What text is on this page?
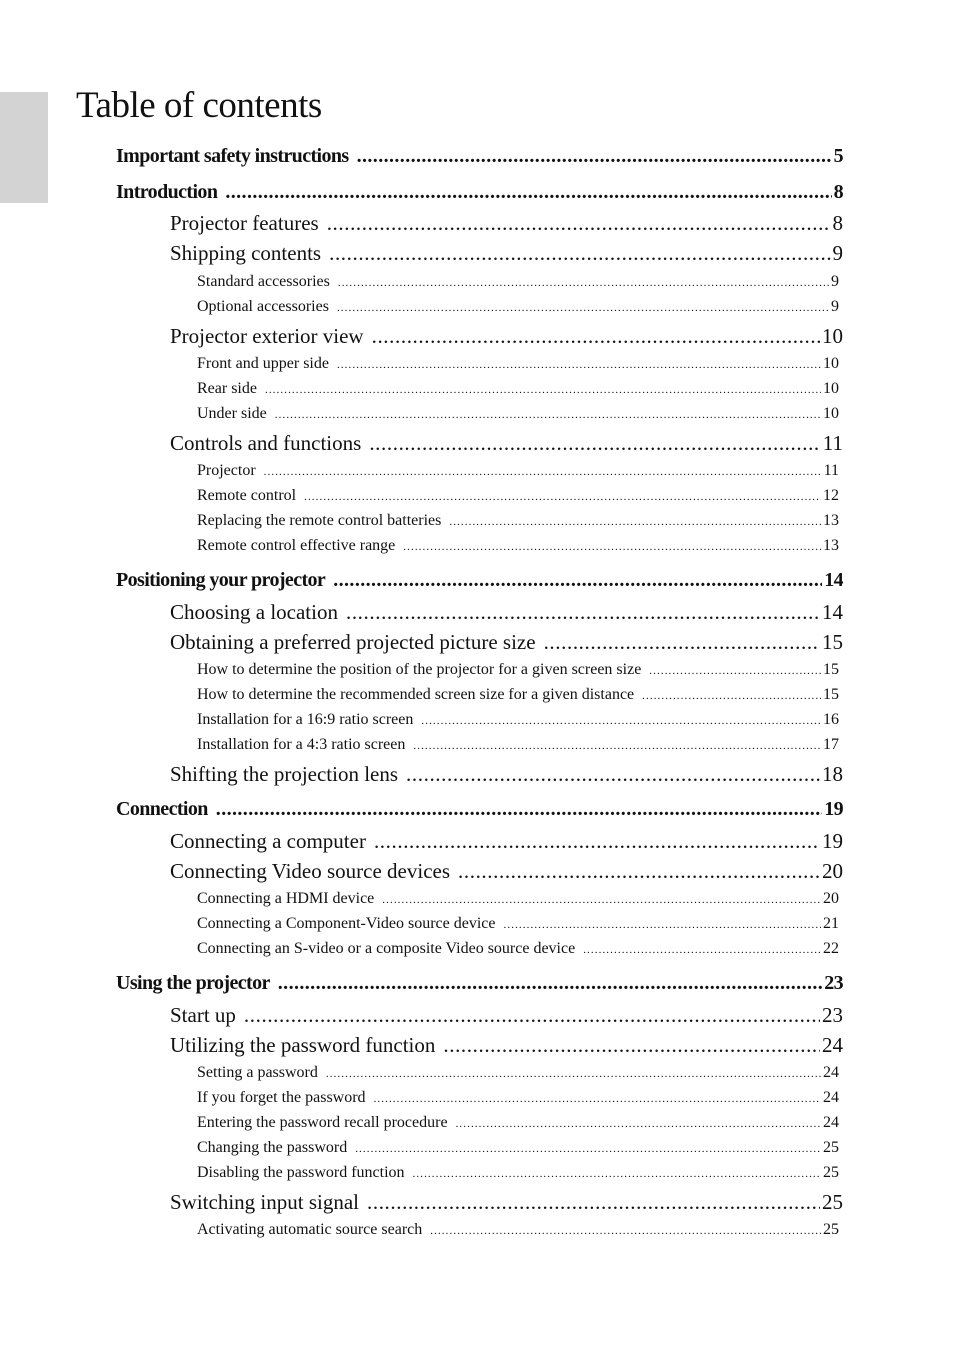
Table of contents
Important safety instructions .....	5
Introduction .....	8
Projector features .....	8
Shipping contents .....	9
Standard accessories .....	9
Optional accessories .....	9
Projector exterior view .....	10
Front and upper side .....	10
Rear side .....	10
Under side .....	10
Controls and functions .....	11
Projector .....	11
Remote control .....	12
Replacing the remote control batteries .....	13
Remote control effective range .....	13
Positioning your projector .....	14
Choosing a location .....	14
Obtaining a preferred projected picture size .....	15
How to determine the position of the projector for a given screen size .....	15
How to determine the recommended screen size for a given distance .....	15
Installation for a 16:9 ratio screen .....	16
Installation for a 4:3 ratio screen .....	17
Shifting the projection lens .....	18
Connection .....	19
Connecting a computer .....	19
Connecting Video source devices .....	20
Connecting a HDMI device .....	20
Connecting a Component-Video source device .....	21
Connecting an S-video or a composite Video source device .....	22
Using the projector .....	23
Start up .....	23
Utilizing the password function .....	24
Setting a password .....	24
If you forget the password .....	24
Entering the password recall procedure .....	24
Changing the password .....	25
Disabling the password function .....	25
Switching input signal .....	25
Activating automatic source search .....	25
